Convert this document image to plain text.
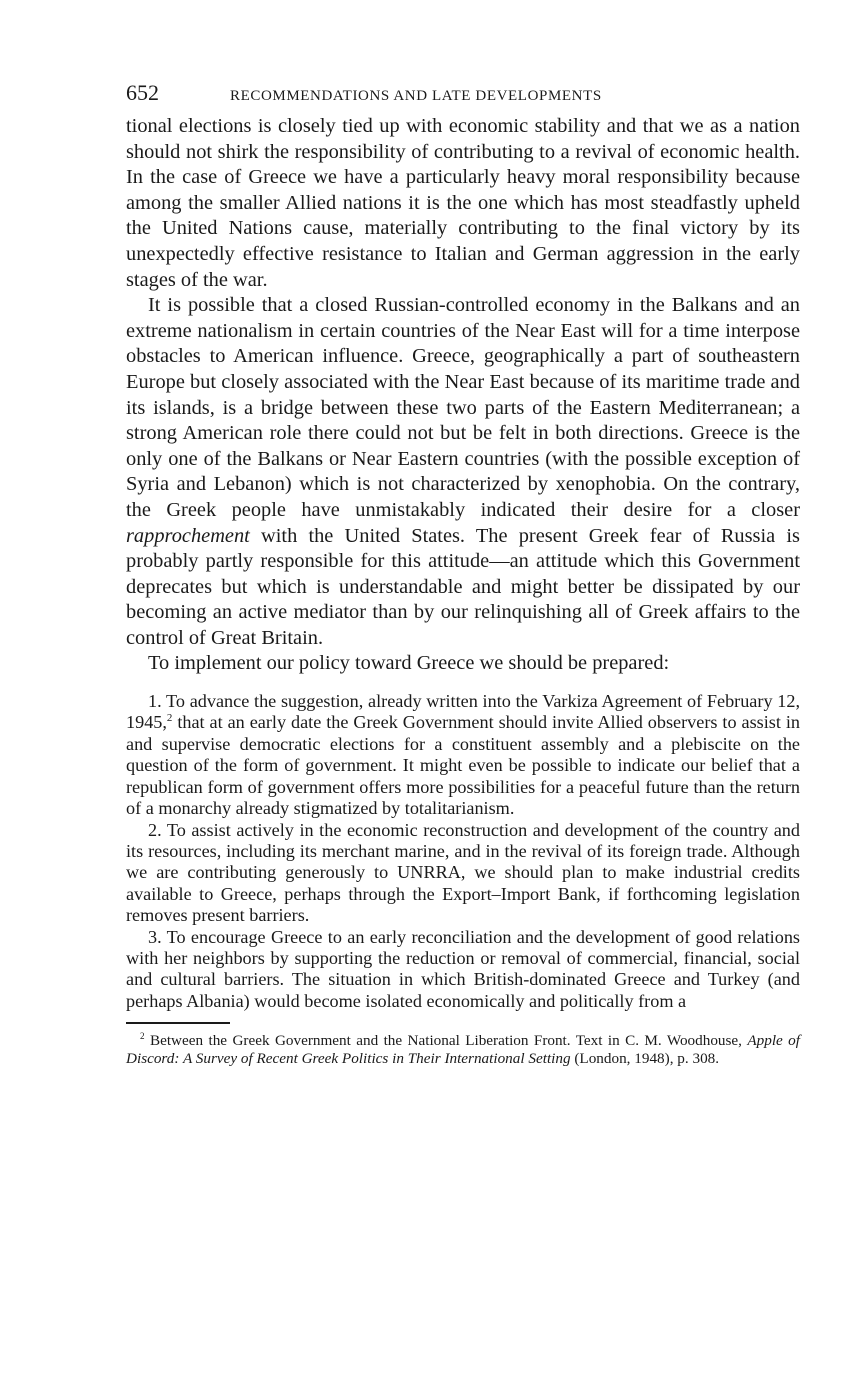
652	RECOMMENDATIONS AND LATE DEVELOPMENTS

tional elections is closely tied up with economic stability and that we as a nation should not shirk the responsibility of contributing to a revival of economic health. In the case of Greece we have a particularly heavy moral responsibility because among the smaller Allied nations it is the one which has most steadfastly upheld the United Nations cause, materially contributing to the final victory by its unexpectedly effective resistance to Italian and German aggression in the early stages of the war.

It is possible that a closed Russian-controlled economy in the Balkans and an extreme nationalism in certain countries of the Near East will for a time interpose obstacles to American influence. Greece, geographically a part of southeastern Europe but closely associated with the Near East because of its maritime trade and its islands, is a bridge between these two parts of the Eastern Mediterranean; a strong American role there could not but be felt in both directions. Greece is the only one of the Balkans or Near Eastern countries (with the possible exception of Syria and Lebanon) which is not characterized by xenophobia. On the contrary, the Greek people have unmistakably indicated their desire for a closer rapprochement with the United States. The present Greek fear of Russia is probably partly responsible for this attitude—an attitude which this Government deprecates but which is understandable and might better be dissipated by our becoming an active mediator than by our relinquishing all of Greek affairs to the control of Great Britain.

To implement our policy toward Greece we should be prepared:

1. To advance the suggestion, already written into the Varkiza Agreement of February 12, 1945,$^2$ that at an early date the Greek Government should invite Allied observers to assist in and supervise democratic elections for a constituent assembly and a plebiscite on the question of the form of government. It might even be possible to indicate our belief that a republican form of government offers more possibilities for a peaceful future than the return of a monarchy already stigmatized by totalitarianism.

2. To assist actively in the economic reconstruction and development of the country and its resources, including its merchant marine, and in the revival of its foreign trade. Although we are contributing generously to UNRRA, we should plan to make industrial credits available to Greece, perhaps through the Export–Import Bank, if forthcoming legislation removes present barriers.

3. To encourage Greece to an early reconciliation and the development of good relations with her neighbors by supporting the reduction or removal of commercial, financial, social and cultural barriers. The situation in which British-dominated Greece and Turkey (and perhaps Albania) would become isolated economically and politically from a

$^2$ Between the Greek Government and the National Liberation Front. Text in C. M. Woodhouse, Apple of Discord: A Survey of Recent Greek Politics in Their International Setting (London, 1948), p. 308.
